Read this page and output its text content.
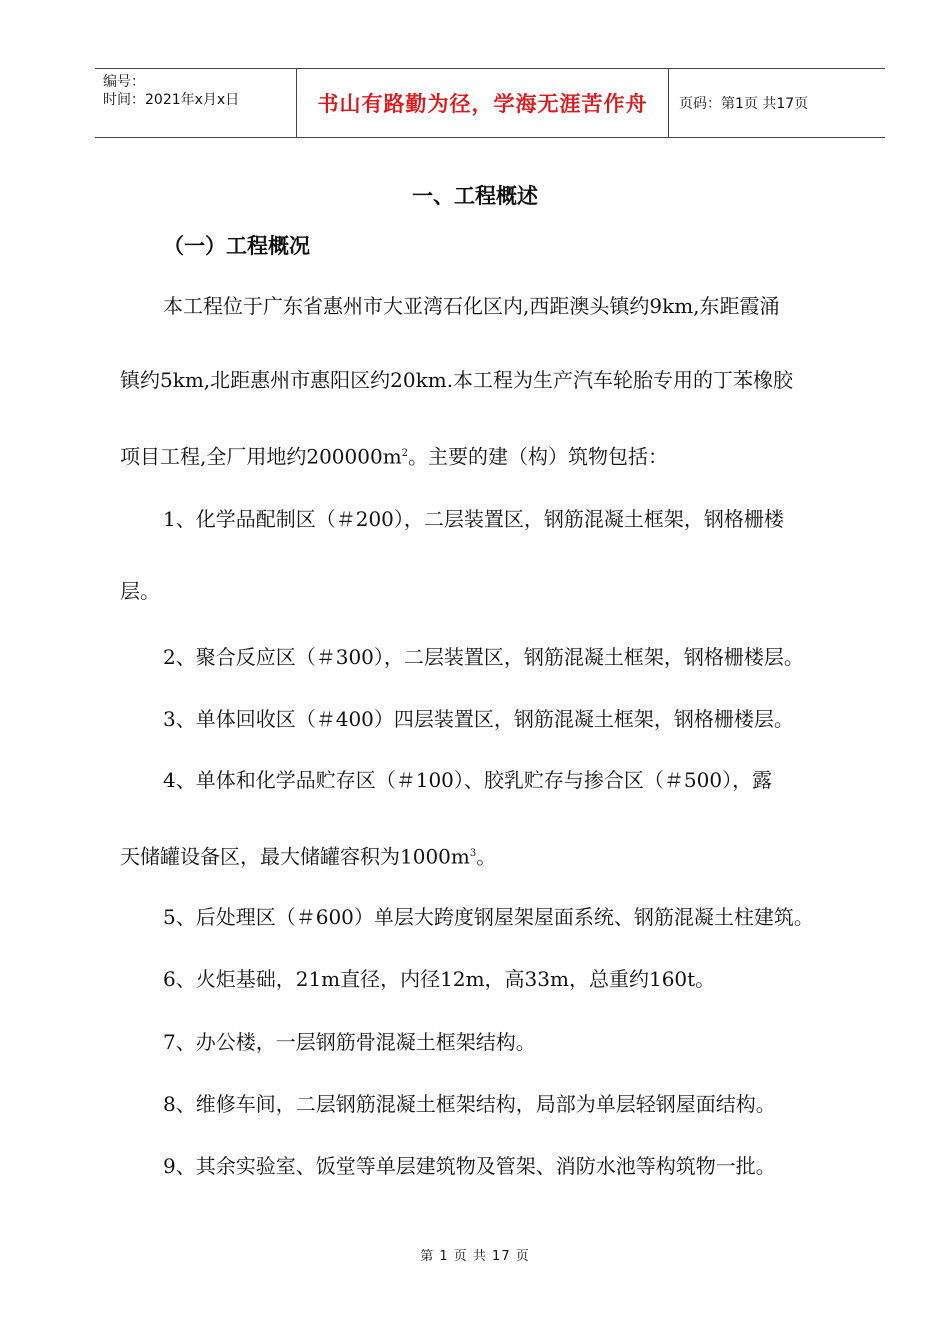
编号：
时间：2021年x月x日	书山有路勤为径，学海无涯苦作舟	页码：第1页 共17页
一、工程概述
（一）工程概况
本工程位于广东省惠州市大亚湾石化区内,西距澳头镇约9km,东距霞涌
镇约5km,北距惠州市惠阳区约20km.本工程为生产汽车轮胎专用的丁苯橡胶
项目工程,全厂用地约$200000m^2$。主要的建（构）筑物包括：
1、化学品配制区（＃200），二层装置区，钢筋混凝土框架，钢格栅楼
层。
2、聚合反应区（＃300），二层装置区，钢筋混凝土框架，钢格栅楼层。
3、单体回收区（＃400）四层装置区，钢筋混凝土框架，钢格栅楼层。
4、单体和化学品贮存区（＃100）、胶乳贮存与掺合区（＃500），露
天储罐设备区，最大储罐容积为$1000m^3$。
5、后处理区（＃600）单层大跨度钢屋架屋面系统、钢筋混凝土柱建筑。
6、火炬基础，21m直径，内径12m，高33m，总重约160t。
7、办公楼，一层钢筋骨混凝土框架结构。
8、维修车间，二层钢筋混凝土框架结构，局部为单层轻钢屋面结构。
9、其余实验室、饭堂等单层建筑物及管架、消防水池等构筑物一批。
第 1 页 共 17 页
